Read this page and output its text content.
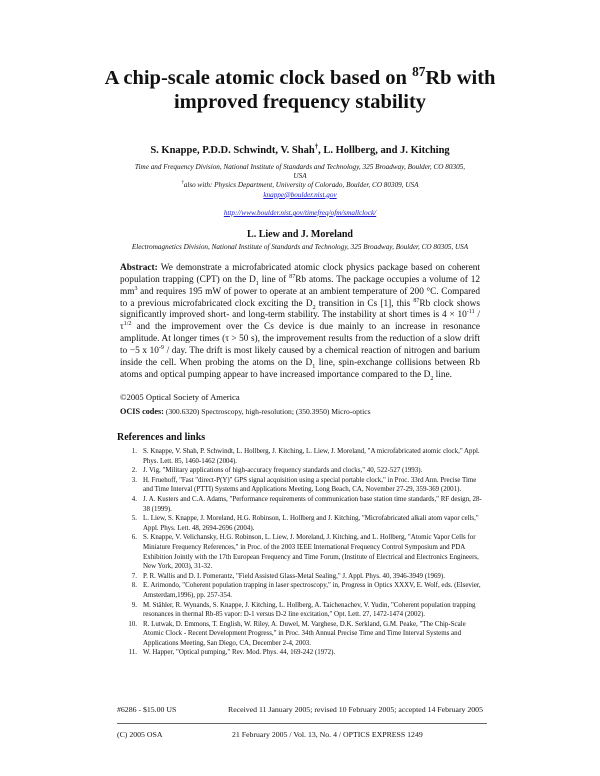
A chip-scale atomic clock based on $^{87}$Rb with
improved frequency stability
S. Knappe, P.D.D. Schwindt, V. Shah†, L. Hollberg, and J. Kitching
Time and Frequency Division, National Institute of Standards and Technology, 325 Broadway, Boulder, CO 80305,
USA
†also with: Physics Department, University of Colorado, Boulder, CO 80309, USA
knappe@boulder.nist.gov
http://www.boulder.nist.gov/timefreq/ofm/smallclock/
L. Liew and J. Moreland
Electromagnetics Division, National Institute of Standards and Technology, 325 Broadway, Boulder, CO 80305, USA
Abstract: We demonstrate a microfabricated atomic clock physics package based on coherent population trapping (CPT) on the $D_1$ line of $^{87}$Rb atoms. The package occupies a volume of 12 $mm^3$ and requires 195 mW of power to operate at an ambient temperature of 200 °C. Compared to a previous microfabricated clock exciting the $D_2$ transition in Cs [1], this $^{87}$Rb clock shows significantly improved short- and long-term stability. The instability at short times is $4 \times 10^{-11} / \tau^{1/2}$ and the improvement over the Cs device is due mainly to an increase in resonance amplitude. At longer times (τ > 50 s), the improvement results from the reduction of a slow drift to −5 x $10^{-9}$ / day. The drift is most likely caused by a chemical reaction of nitrogen and barium inside the cell. When probing the atoms on the $D_1$ line, spin-exchange collisions between Rb atoms and optical pumping appear to have increased importance compared to the $D_2$ line.
©2005 Optical Society of America
OCIS codes: (300.6320) Spectroscopy, high-resolution; (350.3950) Micro-optics
References and links
1. S. Knappe, V. Shah, P. Schwindt, L. Hollberg, J. Kitching, L. Liew, J. Moreland, "A microfabricated atomic clock," Appl. Phys. Lett. 85, 1460-1462 (2004).
2. J. Vig, "Military applications of high-accuracy frequency standards and clocks," 40, 522-527 (1993).
3. H. Fruehoff, "Fast "direct-P(Y)" GPS signal acquisition using a special portable clock," in Proc. 33rd Ann. Precise Time and Time Interval (PTTI) Systems and Applications Meeting, Long Beach, CA, November 27-29, 359-369 (2001).
4. J. A. Kusters and C.A. Adams, "Performance requirements of communication base station time standards," RF design, 28-38 (1999).
5. L. Liew, S. Knappe, J. Moreland, H.G. Robinson, L. Hollberg and J. Kitching, "Microfabricated alkali atom vapor cells," Appl. Phys. Lett. 48, 2694-2696 (2004).
6. S. Knappe, V. Velichansky, H.G. Robinson, L. Liew, J. Moreland, J. Kitching, and L. Hollberg, "Atomic Vapor Cells for Miniature Frequency References," in Proc. of the 2003 IEEE International Frequency Control Symposium and PDA Exhibition Jointly with the 17th European Frequency and Time Forum, (Institute of Electrical and Electronics Engineers, New York, 2003), 31-32.
7. P. R. Wallis and D. I. Pomerantz, "Field Assisted Glass-Metal Sealing," J. Appl. Phys. 40, 3946-3949 (1969).
8. E. Arimondo, "Coherent population trapping in laser spectroscopy," in, Progress in Optics XXXV, E. Wolf, eds. (Elsevier, Amsterdam,1996), pp. 257-354.
9. M. Stähler, R. Wynands, S. Knappe, J. Kitching, L. Hollberg, A. Taichenachev, V. Yudin, "Coherent population trapping resonances in thermal Rb-85 vapor: D-1 versus D-2 line excitation," Opt. Lett. 27, 1472-1474 (2002).
10. R. Lutwak, D. Emmons, T. English, W. Riley, A. Duwel, M. Varghese, D.K. Serkland, G.M. Peake, "The Chip-Scale Atomic Clock - Recent Development Progress," in Proc. 34th Annual Precise Time and Time Interval Systems and Applications Meeting, San Diego, CA, December 2-4, 2003.
11. W. Happer, "Optical pumping," Rev. Mod. Phys. 44, 169-242 (1972).
#6286 - $15.00 US	Received 11 January 2005; revised 10 February 2005; accepted 14 February 2005
(C) 2005 OSA	21 February 2005 / Vol. 13, No. 4 / OPTICS EXPRESS 1249
